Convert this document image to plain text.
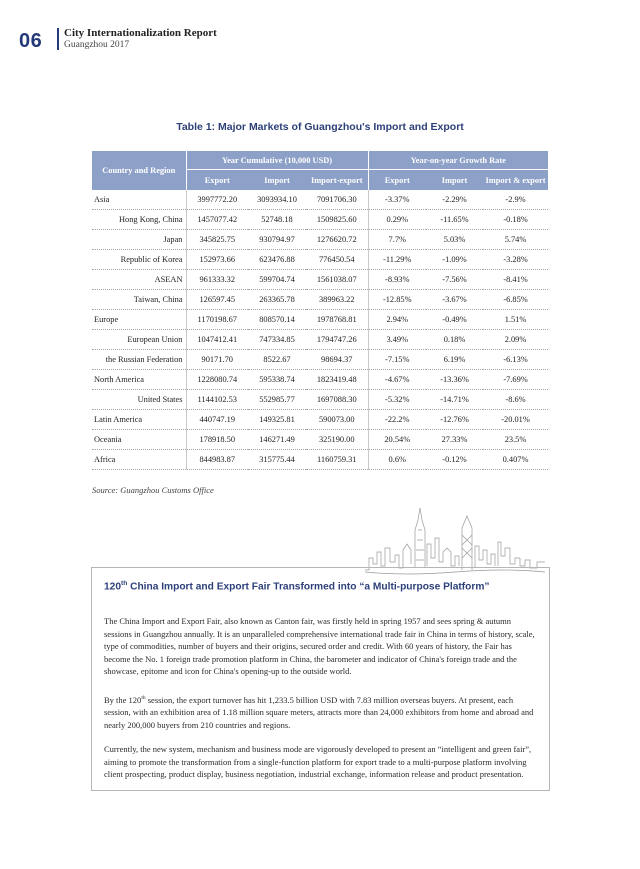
06 City Internationalization Report
Guangzhou 2017
Table 1: Major Markets of Guangzhou's Import and Export
Country and Region	Year Cumulative (10,000 USD)			Year-on-year Growth Rate		
	Export	Import	Import-export	Export	Import	Import & export
Asia	3997772.20	3093934.10	7091706.30	-3.37%	-2.29%	-2.9%
Hong Kong, China	1457077.42	52748.18	1509825.60	0.29%	-11.65%	-0.18%
Japan	345825.75	930794.97	1276620.72	7.7%	5.03%	5.74%
Republic of Korea	152973.66	623476.88	776450.54	-11.29%	-1.09%	-3.28%
ASEAN	961333.32	599704.74	1561038.07	-8.93%	-7.56%	-8.41%
Taiwan, China	126597.45	263365.78	389963.22	-12.85%	-3.67%	-6.85%
Europe	1170198.67	808570.14	1978768.81	2.94%	-0.49%	1.51%
European Union	1047412.41	747334.85	1794747.26	3.49%	0.18%	2.09%
the Russian Federation	90171.70	8522.67	98694.37	-7.15%	6.19%	-6.13%
North America	1228080.74	595338.74	1823419.48	-4.67%	-13.36%	-7.69%
United States	1144102.53	552985.77	1697088.30	-5.32%	-14.71%	-8.6%
Latin America	440747.19	149325.81	590073.00	-22.2%	-12.76%	-20.01%
Oceania	178918.50	146271.49	325190.00	20.54%	27.33%	23.5%
Africa	844983.87	315775.44	1160759.31	0.6%	-0.12%	0.407%
Source: Guangzhou Customs Office
120th China Import and Export Fair Transformed into “a Multi-purpose Platform”

The China Import and Export Fair, also known as Canton fair, was firstly held in spring 1957 and sees spring & autumn sessions in Guangzhou annually. It is an unparalleled comprehensive international trade fair in China in terms of history, scale, type of commodities, number of buyers and their origins, secured order and credit. With 60 years of history, the Fair has become the No. 1 foreign trade promotion platform in China, the barometer and indicator of China's foreign trade and the showcase, epitome and icon for China's opening-up to the outside world.

By the 120th session, the export turnover has hit 1,233.5 billion USD with 7.83 million overseas buyers. At present, each session, with an exhibition area of 1.18 million square meters, attracts more than 24,000 exhibitors from home and abroad and nearly 200,000 buyers from 210 countries and regions.

Currently, the new system, mechanism and business mode are vigorously developed to present an “intelligent and green fair”, aiming to promote the transformation from a single-function platform for export trade to a multi-purpose platform involving client prospecting, product display, business negotiation, industrial exchange, information release and product presentation.
